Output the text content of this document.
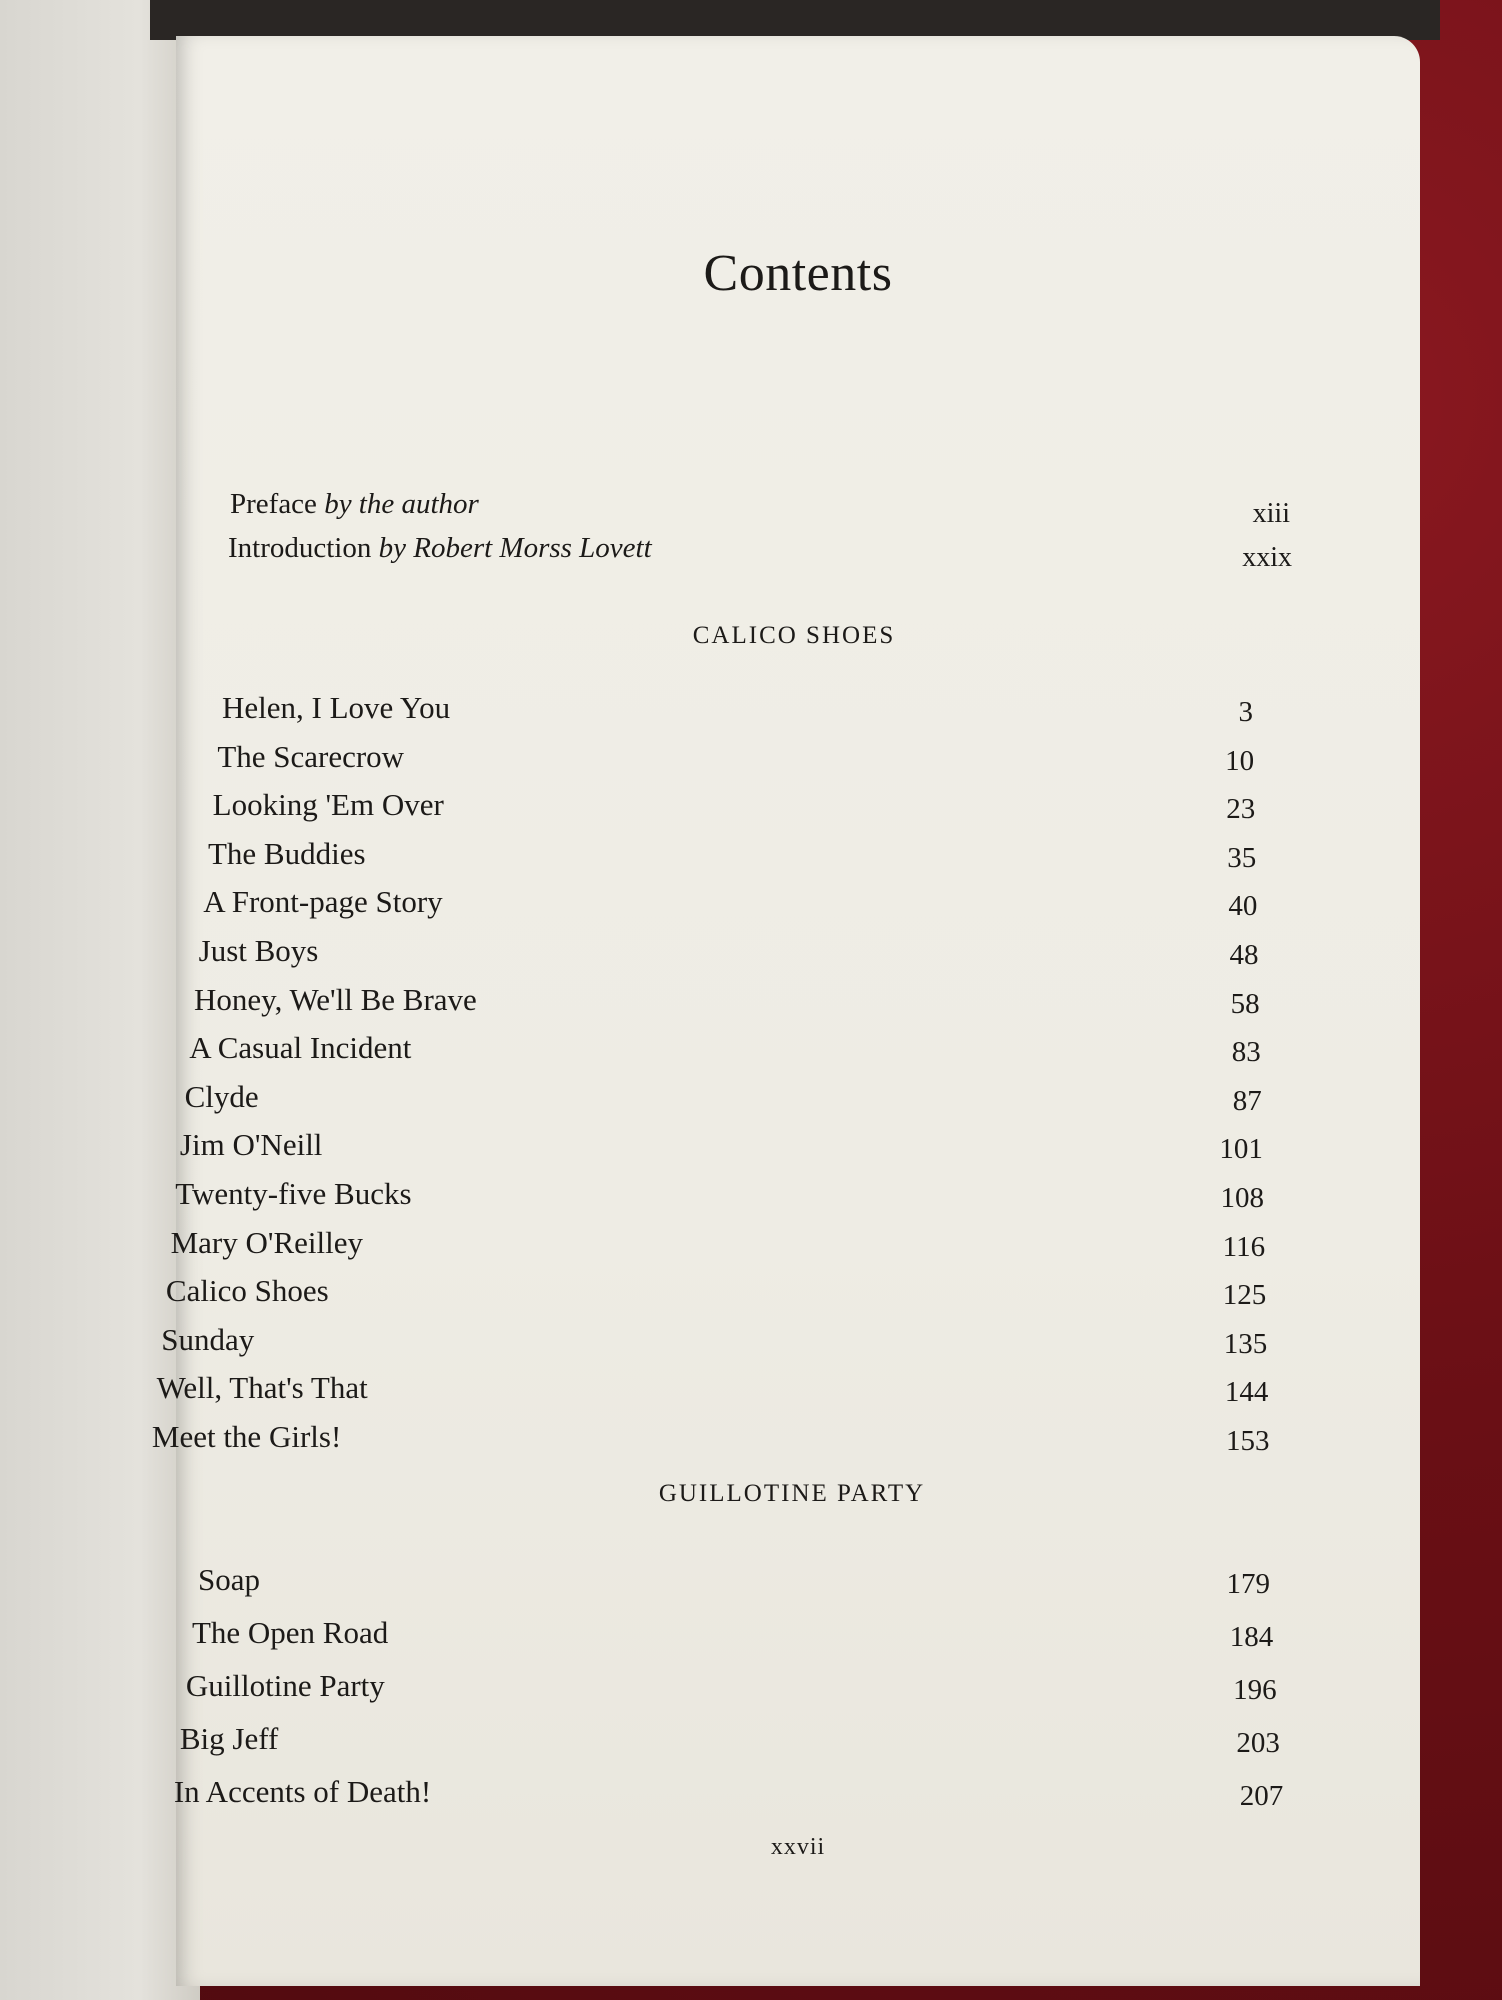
Contents
Preface by the author	xiii
Introduction by Robert Morss Lovett	xxix
CALICO SHOES
GUILLOTINE PARTY
Helen, I Love You	3
The Scarecrow	10
Looking 'Em Over	23
The Buddies	35
A Front-page Story	40
Just Boys	48
Honey, We'll Be Brave	58
A Casual Incident	83
Clyde	87
Jim O'Neill	101
Twenty-five Bucks	108
Mary O'Reilley	116
Calico Shoes	125
Sunday	135
Well, That's That	144
Meet the Girls!	153
Soap	179
The Open Road	184
Guillotine Party	196
Big Jeff	203
In Accents of Death!	207
xxvii
